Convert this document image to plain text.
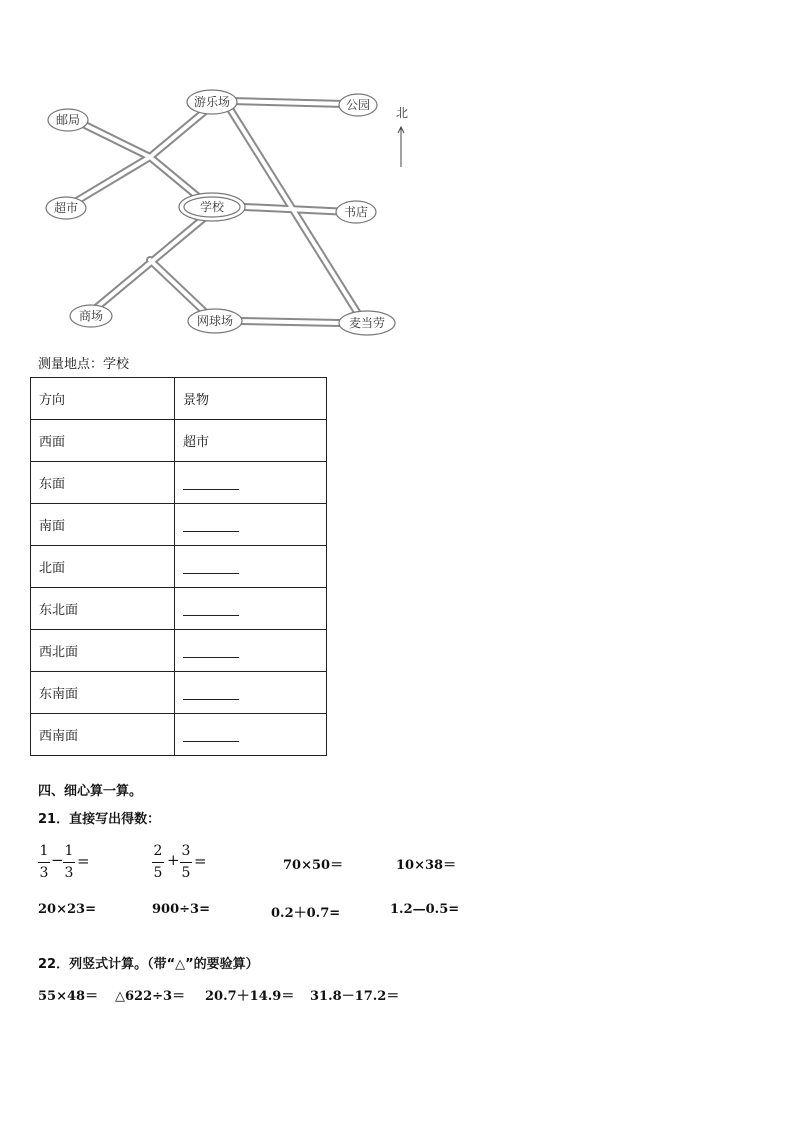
邮局
超市
游乐场	公园
学校	书店
商场	网球场	麦当劳
北
测量地点：学校
方向	景物
西面	超市
东面	
南面	
北面	
东北面	
西北面	
东南面	
西南面	
四、细心算一算。
21．直接写出得数：
1
3
− 1
3
=
2
5
+ 3
5
=	70×50＝	10×38＝
20×23=	900÷3=	0.2＋0.7=	1.2—0.5=
22．列竖式计算。（带“△”的要验算）
55×48＝ △622÷3＝ 20.7＋14.9＝ 31.8－17.2＝
